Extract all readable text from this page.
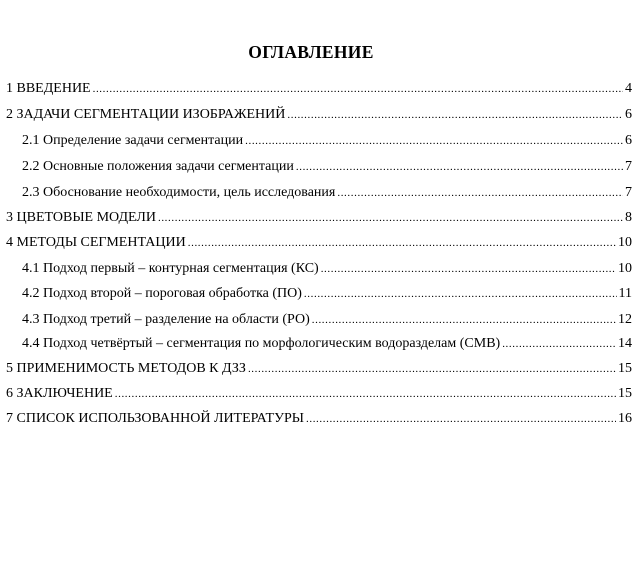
ОГЛАВЛЕНИЕ
1 ВВЕДЕНИЕ .....	4
2 ЗАДАЧИ СЕГМЕНТАЦИИ ИЗОБРАЖЕНИЙ .....	6
2.1 Определение задачи сегментации .....	6
2.2 Основные положения задачи сегментации .....	7
2.3 Обоснование необходимости, цель исследования .....	7
3 ЦВЕТОВЫЕ МОДЕЛИ .....	8
4 МЕТОДЫ СЕГМЕНТАЦИИ .....	10
4.1 Подход первый – контурная сегментация (КС) .....	10
4.2 Подход второй – пороговая обработка (ПО) .....	11
4.3 Подход третий – разделение на области (РО) .....	12
4.4 Подход четвёртый – сегментация по морфологическим водоразделам (СМВ) .....	14
5 ПРИМЕНИМОСТЬ МЕТОДОВ К ДЗЗ .....	15
6 ЗАКЛЮЧЕНИЕ .....	15
7 СПИСОК ИСПОЛЬЗОВАННОЙ ЛИТЕРАТУРЫ .....	16
